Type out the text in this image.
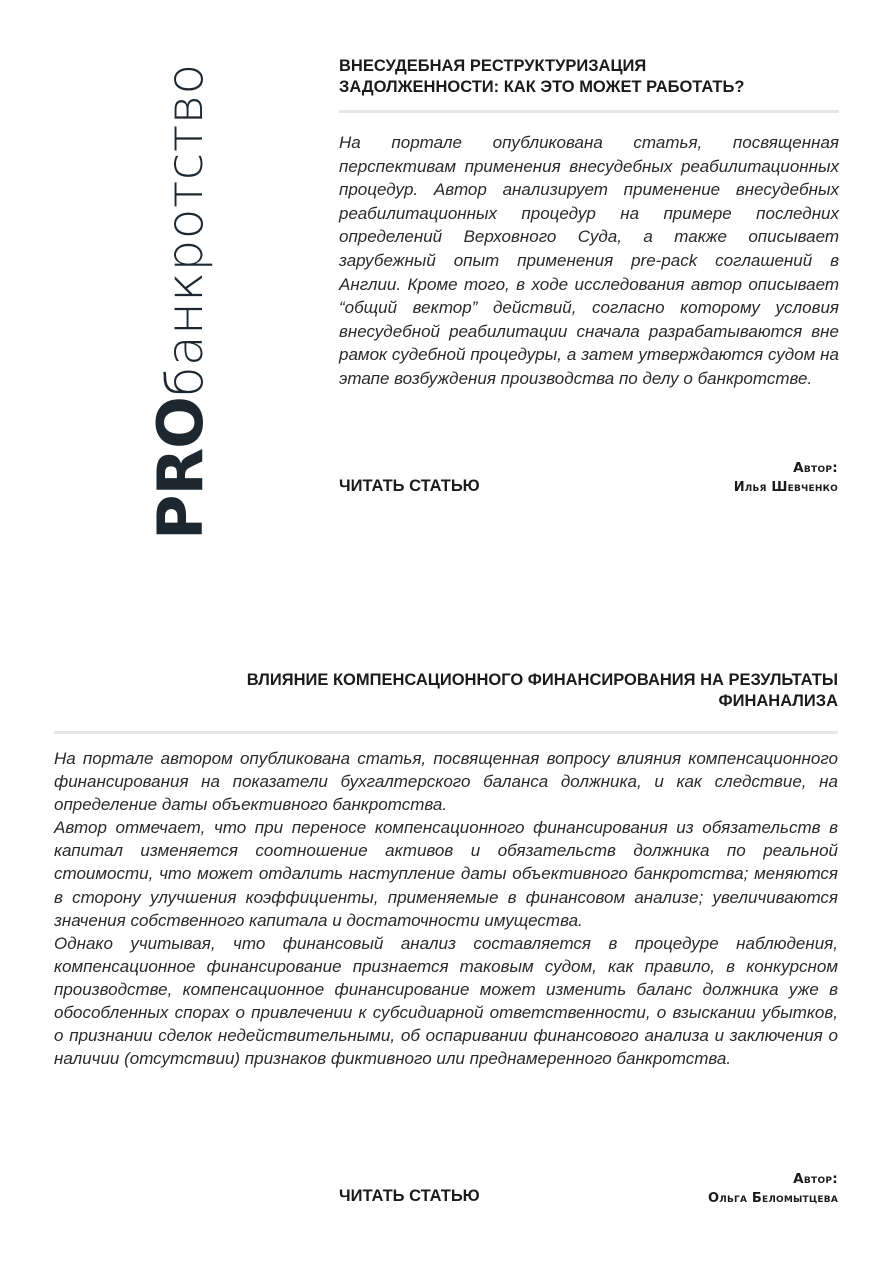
PROбанкротство	ВНЕСУДЕБНАЯ РЕСТРУКТУРИЗАЦИЯ
ЗАДОЛЖЕННОСТИ: КАК ЭТО МОЖЕТ РАБОТАТЬ?
На портале опубликована статья, посвященная перспективам применения внесудебных реабилитационных процедур. Автор анализирует применение внесудебных реабилитационных процедур на примере последних определений Верховного Суда, а также описывает зарубежный опыт применения pre-pack соглашений в Англии. Кроме того, в ходе исследования автор описывает “общий вектор” действий, согласно которому условия внесудебной реабилитации сначала разрабатываются вне рамок судебной процедуры, а затем утверждаются судом на этапе возбуждения производства по делу о банкротстве.
ЧИТАТЬ СТАТЬЮ
Автор:
Илья Шевченко
ВЛИЯНИЕ КОМПЕНСАЦИОННОГО ФИНАНСИРОВАНИЯ НА РЕЗУЛЬТАТЫ
ФИНАНАЛИЗА

На портале автором опубликована статья, посвященная вопросу влияния компенсационного финансирования на показатели бухгалтерского баланса должника, и как следствие, на определение даты объективного банкротства.

Автор отмечает, что при переносе компенсационного финансирования из обязательств в капитал изменяется соотношение активов и обязательств должника по реальной стоимости, что может отдалить наступление даты объективного банкротства; меняются в сторону улучшения коэффициенты, применяемые в финансовом анализе; увеличиваются значения собственного капитала и достаточности имущества.

Однако учитывая, что финансовый анализ составляется в процедуре наблюдения, компенсационное финансирование признается таковым судом, как правило, в конкурсном производстве, компенсационное финансирование может изменить баланс должника уже в обособленных спорах о привлечении к субсидиарной ответственности, о взыскании убытков, о признании сделок недействительными, об оспаривании финансового анализа и заключения о наличии (отсутствии) признаков фиктивного или преднамеренного банкротства.

ЧИТАТЬ СТАТЬЮ
Автор:
Ольга Беломытцева
